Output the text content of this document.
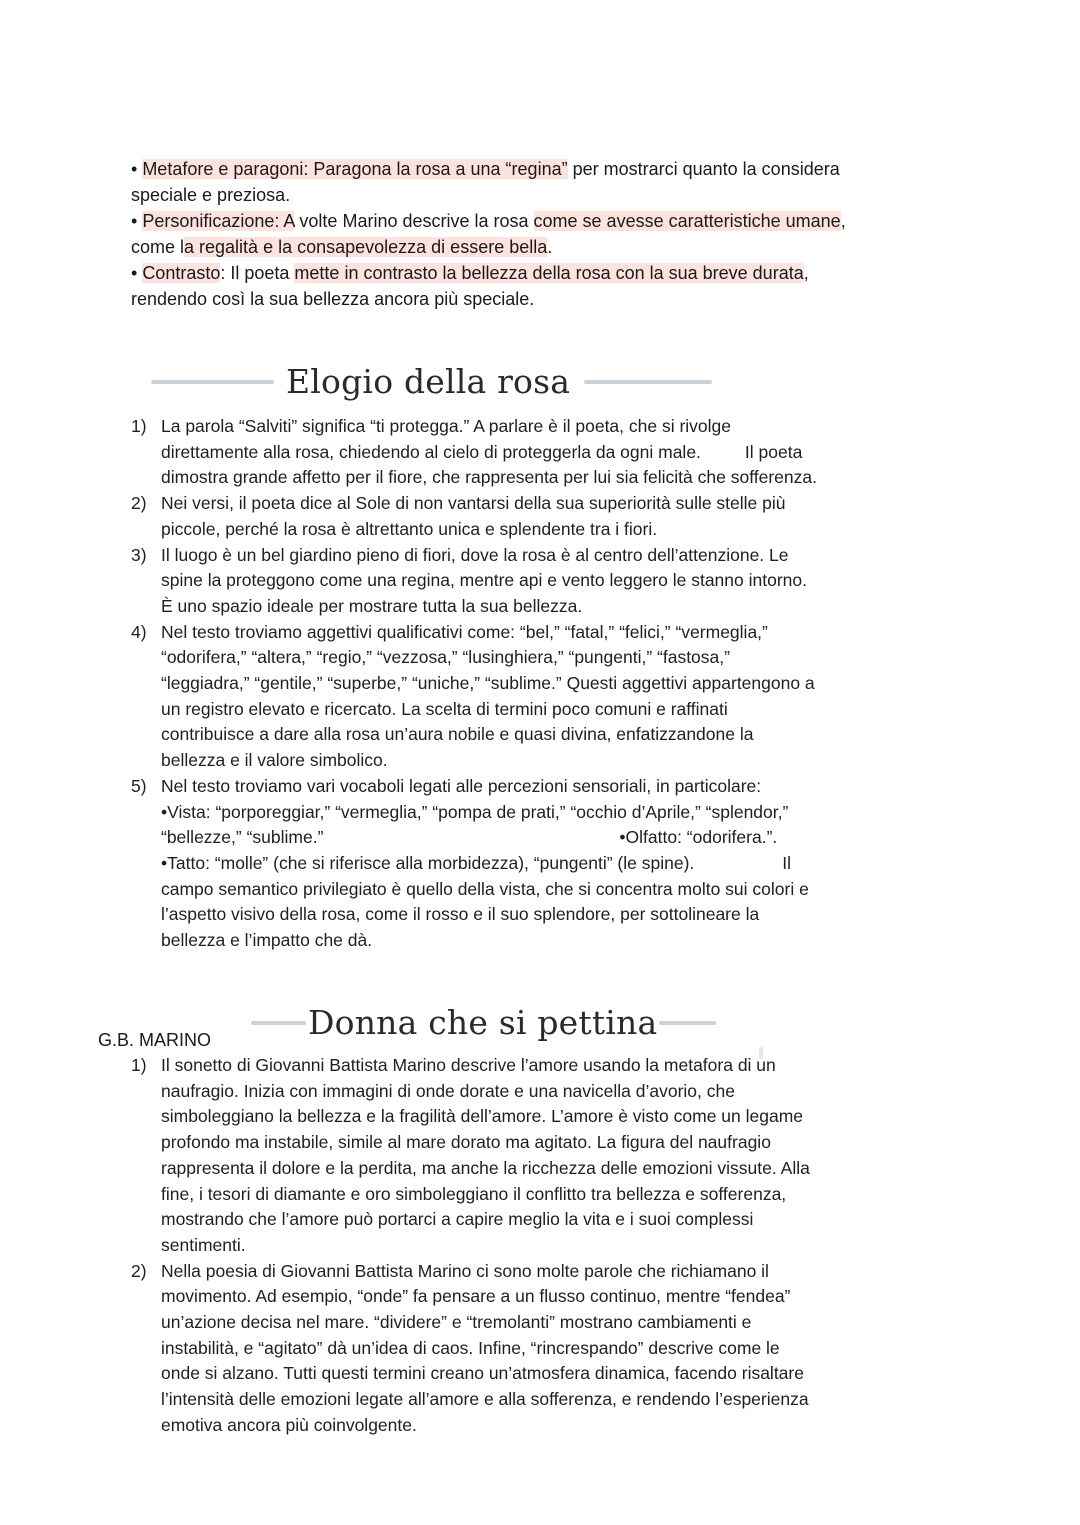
• Metafore e paragoni: Paragona la rosa a una “regina” per mostrarci quanto la considera
speciale e preziosa.
• Personificazione: A volte Marino descrive la rosa come se avesse caratteristiche umane,
come la regalità e la consapevolezza di essere bella.
• Contrasto: Il poeta mette in contrasto la bellezza della rosa con la sua breve durata,
rendendo così la sua bellezza ancora più speciale.
Elogio della rosa
1) La parola “Salviti” significa “ti protegga.” A parlare è il poeta, che si rivolge
direttamente alla rosa, chiedendo al cielo di proteggerla da ogni male.	Il poeta
dimostra grande affetto per il fiore, che rappresenta per lui sia felicità che sofferenza.
2) Nei versi, il poeta dice al Sole di non vantarsi della sua superiorità sulle stelle più
piccole, perché la rosa è altrettanto unica e splendente tra i fiori.
3) Il luogo è un bel giardino pieno di fiori, dove la rosa è al centro dell’attenzione. Le
spine la proteggono come una regina, mentre api e vento leggero le stanno intorno.
È uno spazio ideale per mostrare tutta la sua bellezza.
4) Nel testo troviamo aggettivi qualificativi come: “bel,” “fatal,” “felici,” “vermeglia,”
“odorifera,” “altera,” “regio,” “vezzosa,” “lusinghiera,” “pungenti,” “fastosa,”
“leggiadra,” “gentile,” “superbe,” “uniche,” “sublime.” Questi aggettivi appartengono a
un registro elevato e ricercato. La scelta di termini poco comuni e raffinati
contribuisce a dare alla rosa un’aura nobile e quasi divina, enfatizzandone la
bellezza e il valore simbolico.
5) Nel testo troviamo vari vocaboli legati alle percezioni sensoriali, in particolare:
•Vista: “porporeggiar,” “vermeglia,” “pompa de prati,” “occhio d’Aprile,” “splendor,”
“bellezze,” “sublime.”	•Olfatto: “odorifera.”.
•Tatto: “molle” (che si riferisce alla morbidezza), “pungenti” (le spine).	Il
campo semantico privilegiato è quello della vista, che si concentra molto sui colori e
l’aspetto visivo della rosa, come il rosso e il suo splendore, per sottolineare la
bellezza e l’impatto che dà.
G.B. MARINO	Donna che si pettina
1) Il sonetto di Giovanni Battista Marino descrive l’amore usando la metafora di un
naufragio. Inizia con immagini di onde dorate e una navicella d’avorio, che
simboleggiano la bellezza e la fragilità dell’amore. L’amore è visto come un legame
profondo ma instabile, simile al mare dorato ma agitato. La figura del naufragio
rappresenta il dolore e la perdita, ma anche la ricchezza delle emozioni vissute. Alla
fine, i tesori di diamante e oro simboleggiano il conflitto tra bellezza e sofferenza,
mostrando che l’amore può portarci a capire meglio la vita e i suoi complessi
sentimenti.
2) Nella poesia di Giovanni Battista Marino ci sono molte parole che richiamano il
movimento. Ad esempio, “onde” fa pensare a un flusso continuo, mentre “fendea”
un’azione decisa nel mare. “dividere” e “tremolanti” mostrano cambiamenti e
instabilità, e “agitato” dà un’idea di caos. Infine, “rincrespando” descrive come le
onde si alzano. Tutti questi termini creano un’atmosfera dinamica, facendo risaltare
l’intensità delle emozioni legate all’amore e alla sofferenza, e rendendo l’esperienza
emotiva ancora più coinvolgente.
